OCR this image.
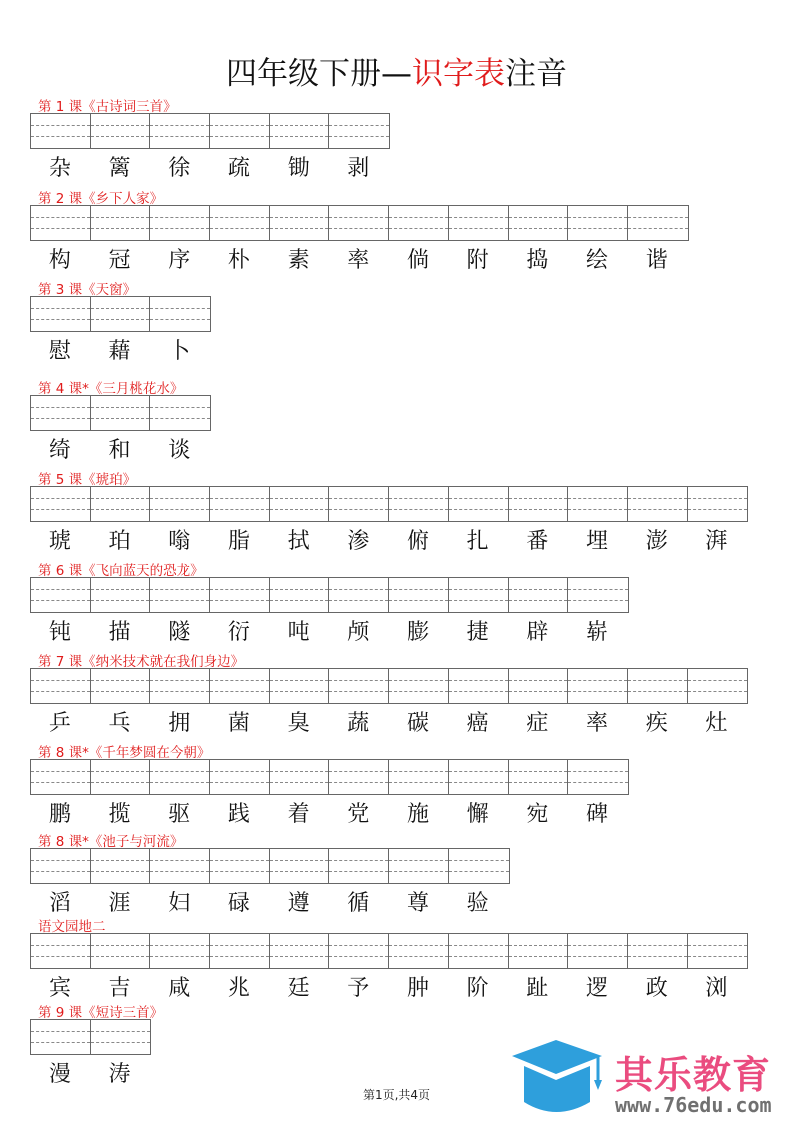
四年级下册—识字表注音
第 1 课《古诗词三首》
杂	篱	徐	疏	锄	剥
第 2 课《乡下人家》
构	冠	序	朴	素	率	倘	附	捣	绘	谐
第 3 课《天窗》
慰	藉	卜
第 4 课*《三月桃花水》
绮	和	谈
第 5 课《琥珀》
琥	珀	嗡	脂	拭	渗	俯	扎	番	埋	澎	湃
第 6 课《飞向蓝天的恐龙》
钝	描	隧	衍	吨	颅	膨	捷	辟	崭
第 7 课《纳米技术就在我们身边》
乒	乓	拥	菌	臭	蔬	碳	癌	症	率	疾	灶
第 8 课*《千年梦圆在今朝》
鹏	揽	驱	践	着	党	施	懈	宛	碑
第 8 课*《池子与河流》
滔	涯	妇	碌	遵	循	尊	验
语文园地二
宾	吉	咸	兆	廷	予	肿	阶	趾	逻	政	浏
第 9 课《短诗三首》
漫	涛
第1页,共4页	其乐教育
www.76edu.com
